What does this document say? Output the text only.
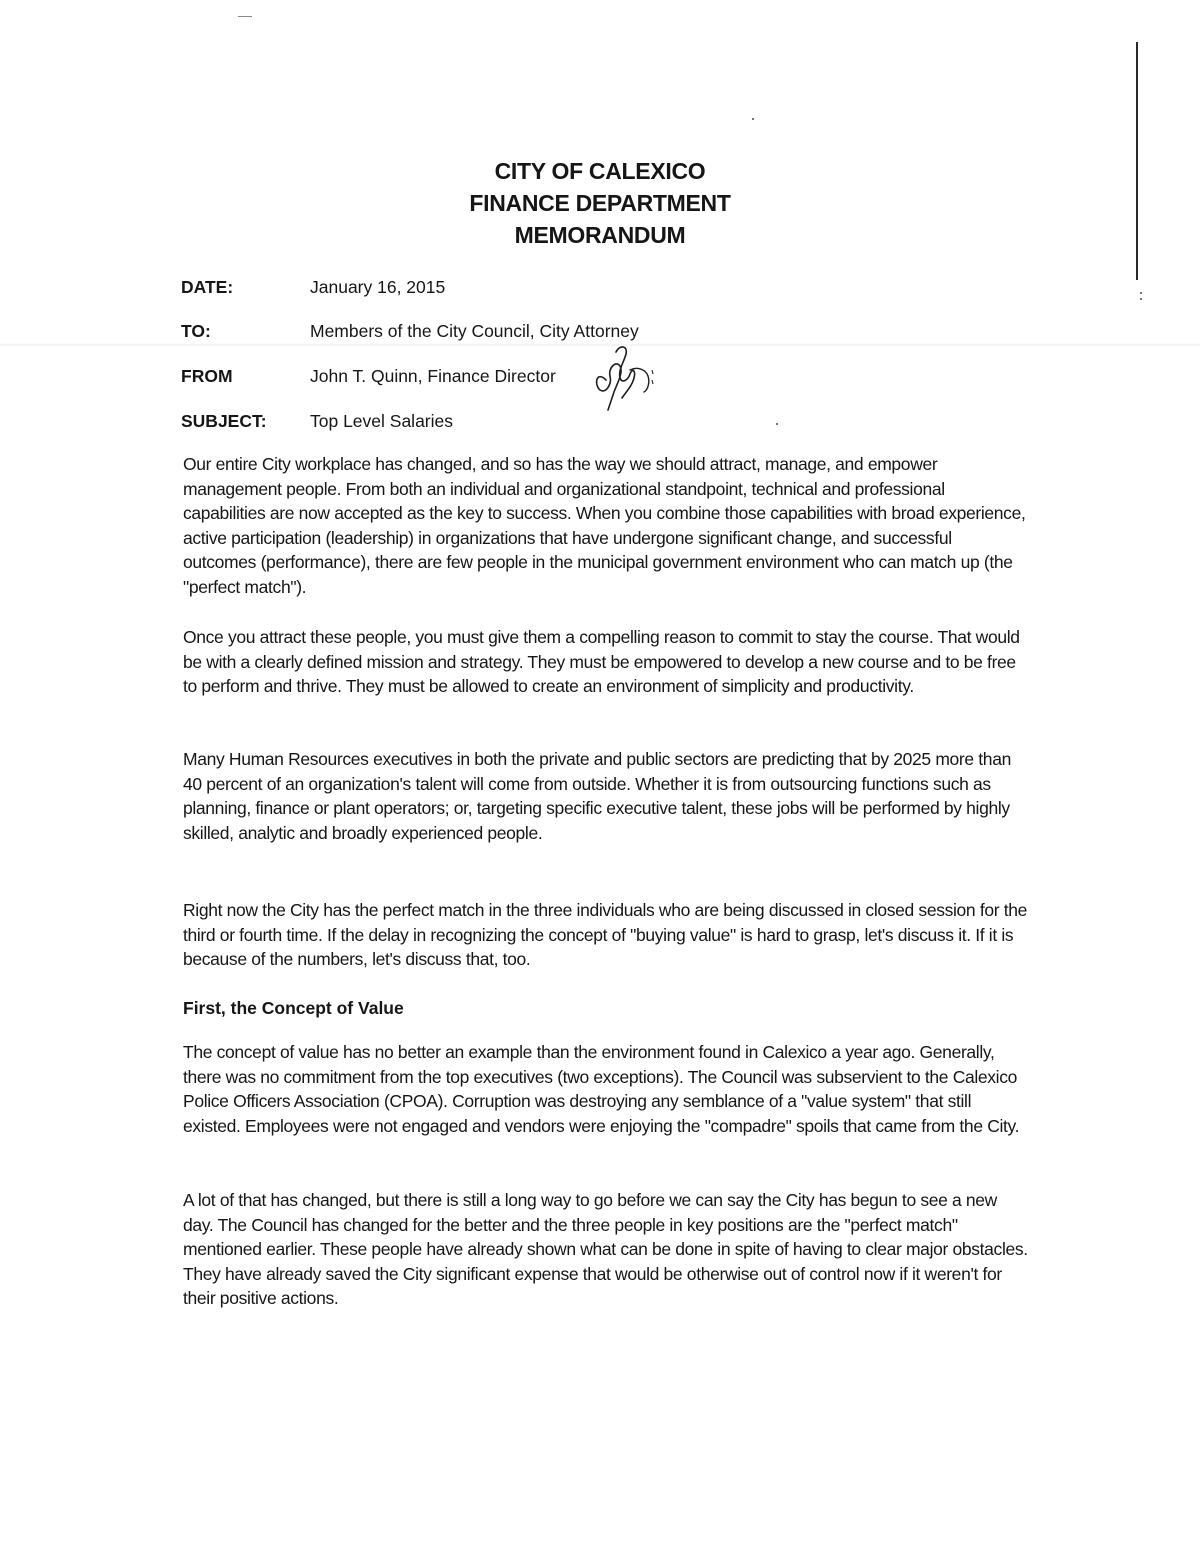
CITY OF CALEXICO
FINANCE DEPARTMENT
MEMORANDUM
DATE:	January 16, 2015
TO:	Members of the City Council, City Attorney
FROM	John T. Quinn, Finance Director
SUBJECT: Top Level Salaries
Our entire City workplace has changed, and so has the way we should attract, manage, and empower management people. From both an individual and organizational standpoint, technical and professional capabilities are now accepted as the key to success. When you combine those capabilities with broad experience, active participation (leadership) in organizations that have undergone significant change, and successful outcomes (performance), there are few people in the municipal government environment who can match up (the "perfect match").
Once you attract these people, you must give them a compelling reason to commit to stay the course. That would be with a clearly defined mission and strategy. They must be empowered to develop a new course and to be free to perform and thrive. They must be allowed to create an environment of simplicity and productivity.
Many Human Resources executives in both the private and public sectors are predicting that by 2025 more than 40 percent of an organization's talent will come from outside. Whether it is from outsourcing functions such as planning, finance or plant operators; or, targeting specific executive talent, these jobs will be performed by highly skilled, analytic and broadly experienced people.
Right now the City has the perfect match in the three individuals who are being discussed in closed session for the third or fourth time. If the delay in recognizing the concept of "buying value" is hard to grasp, let's discuss it. If it is because of the numbers, let's discuss that, too.
First, the Concept of Value
The concept of value has no better an example than the environment found in Calexico a year ago. Generally, there was no commitment from the top executives (two exceptions). The Council was subservient to the Calexico Police Officers Association (CPOA). Corruption was destroying any semblance of a "value system" that still existed. Employees were not engaged and vendors were enjoying the "compadre" spoils that came from the City.
A lot of that has changed, but there is still a long way to go before we can say the City has begun to see a new day. The Council has changed for the better and the three people in key positions are the "perfect match" mentioned earlier. These people have already shown what can be done in spite of having to clear major obstacles. They have already saved the City significant expense that would be otherwise out of control now if it weren't for their positive actions.
